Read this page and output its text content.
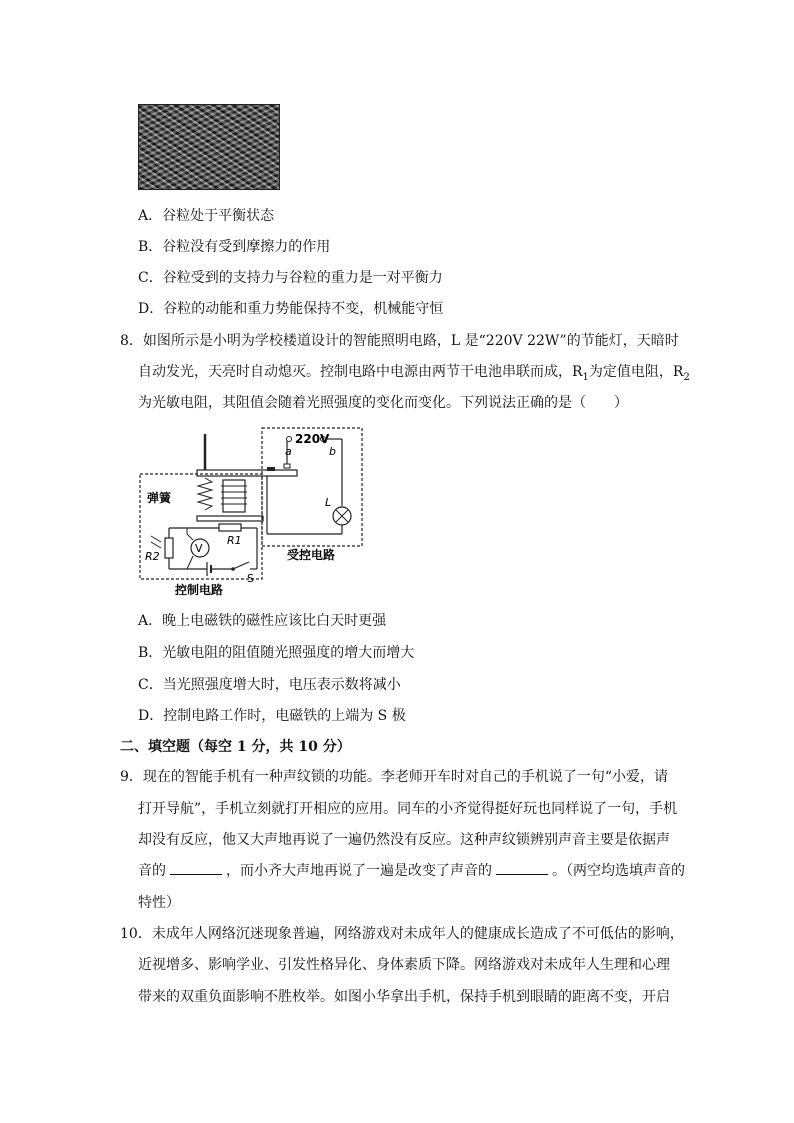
A．谷粒处于平衡状态
B．谷粒没有受到摩擦力的作用
C．谷粒受到的支持力与谷粒的重力是一对平衡力
D．谷粒的动能和重力势能保持不变，机械能守恒
8．如图所示是小明为学校楼道设计的智能照明电路，L 是“220V 22W”的节能灯，天暗时
自动发光，天亮时自动熄灭。控制电路中电源由两节干电池串联而成，$R_1$为定值电阻，$R_2$
为光敏电阻，其阻值会随着光照强度的变化而变化。下列说法正确的是（　　）
220V
a	b
L
弹簧
R1
R2
V
S
受控电路
控制电路
A．晚上电磁铁的磁性应该比白天时更强
B．光敏电阻的阻值随光照强度的增大而增大
C．当光照强度增大时，电压表示数将减小
D．控制电路工作时，电磁铁的上端为 S 极
二、填空题（每空 1 分，共 10 分）
9．现在的智能手机有一种声纹锁的功能。李老师开车时对自己的手机说了一句“小爱，请
打开导航”，手机立刻就打开相应的应用。同车的小齐觉得挺好玩也同样说了一句，手机
却没有反应，他又大声地再说了一遍仍然没有反应。这种声纹锁辨别声音主要是依据声
音的	，而小齐大声地再说了一遍是改变了声音的	。（两空均选填声音的
特性）
10．未成年人网络沉迷现象普遍，网络游戏对未成年人的健康成长造成了不可低估的影响，
近视增多、影响学业、引发性格异化、身体素质下降。网络游戏对未成年人生理和心理
带来的双重负面影响不胜枚举。如图小华拿出手机，保持手机到眼睛的距离不变，开启
